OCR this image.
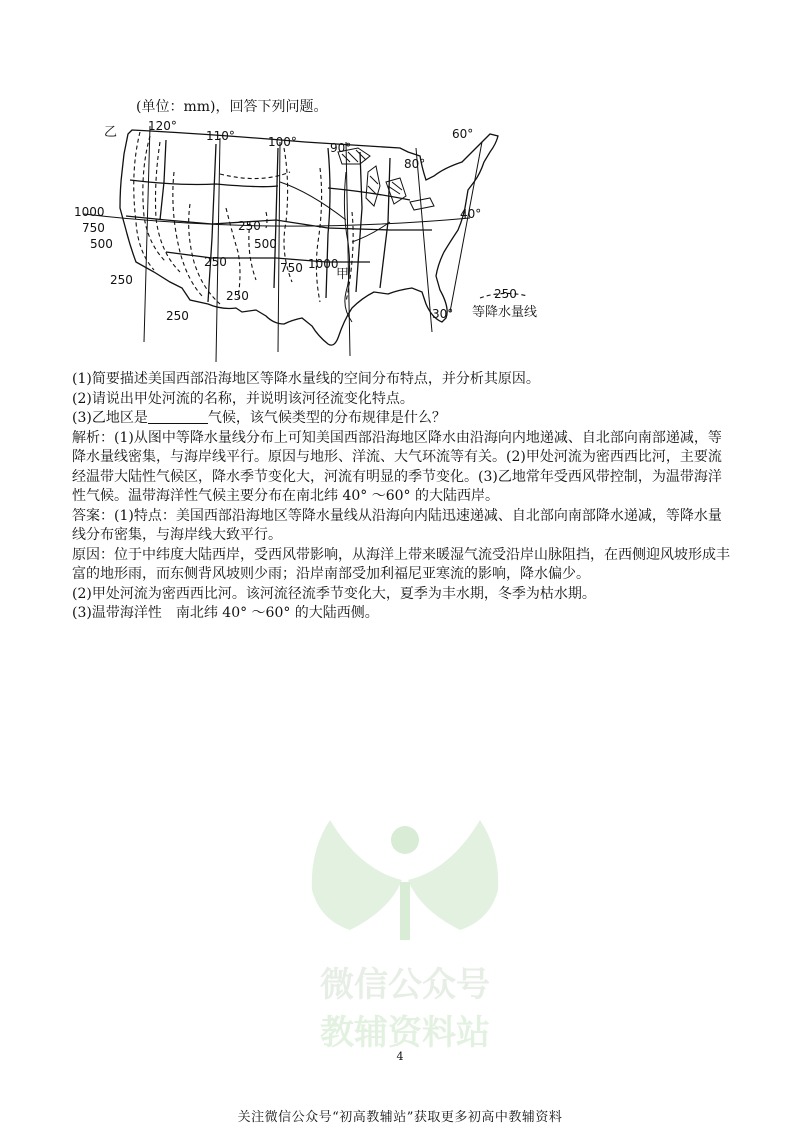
(单位：mm)，回答下列问题。
乙	120°
110°	100°	90°
80°
60°
40°
30°
1000
750
500
250
250
250
250
250
500
750 1000
甲
250
等降水量线

(1)简要描述美国西部沿海地区等降水量线的空间分布特点，并分析其原因。

(2)请说出甲处河流的名称，并说明该河径流变化特点。

(3)乙地区是	气候，该气候类型的分布规律是什么？

解析：(1)从图中等降水量线分布上可知美国西部沿海地区降水由沿海向内地递减、自北部向南部递减，等降水量线密集，与海岸线平行。原因与地形、洋流、大气环流等有关。(2)甲处河流为密西西比河，主要流经温带大陆性气候区，降水季节变化大，河流有明显的季节变化。(3)乙地常年受西风带控制，为温带海洋性气候。温带海洋性气候主要分布在南北纬 40° ～60° 的大陆西岸。

答案：(1)特点：美国西部沿海地区等降水量线从沿海向内陆迅速递减、自北部向南部降水递减，等降水量线分布密集，与海岸线大致平行。

原因：位于中纬度大陆西岸，受西风带影响，从海洋上带来暖湿气流受沿岸山脉阻挡，在西侧迎风坡形成丰富的地形雨，而东侧背风坡则少雨；沿岸南部受加利福尼亚寒流的影响，降水偏少。

(2)甲处河流为密西西比河。该河流径流季节变化大，夏季为丰水期，冬季为枯水期。

(3)温带海洋性　南北纬 40° ～60° 的大陆西侧。

微信公众号
教辅资料站
4
关注微信公众号“初高教辅站”获取更多初高中教辅资料
